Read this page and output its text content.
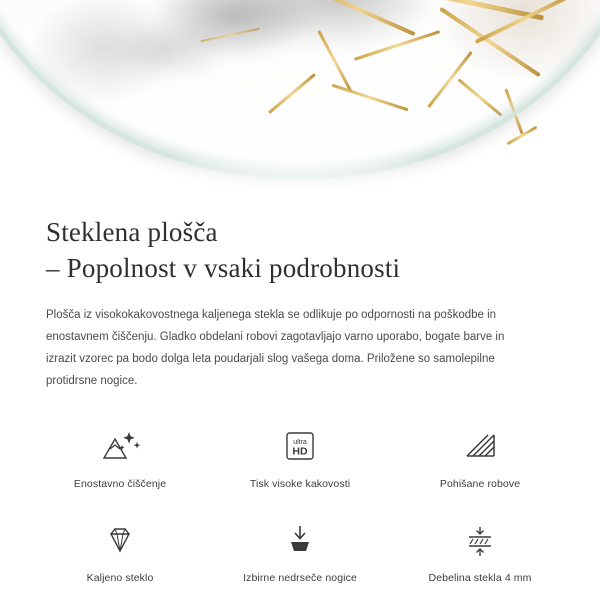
Steklena plošča
– Popolnost v vsaki podrobnosti

Plošča iz visokokakovostnega kaljenega stekla se odlikuje po odpornosti na poškodbe in enostavnem čiščenju. Gladko obdelani robovi zagotavljajo varno uporabo, bogate barve in izrazit vzorec pa bodo dolga leta poudarjali slog vašega doma. Priložene so samolepilne protidrsne nogice.

Enostavno čiščenje
ultra
HD
Tisk visoke kakovosti	Pohišane robove
Kaljeno steklo	Izbirne nedrseče nogice	Debelina stekla 4 mm
